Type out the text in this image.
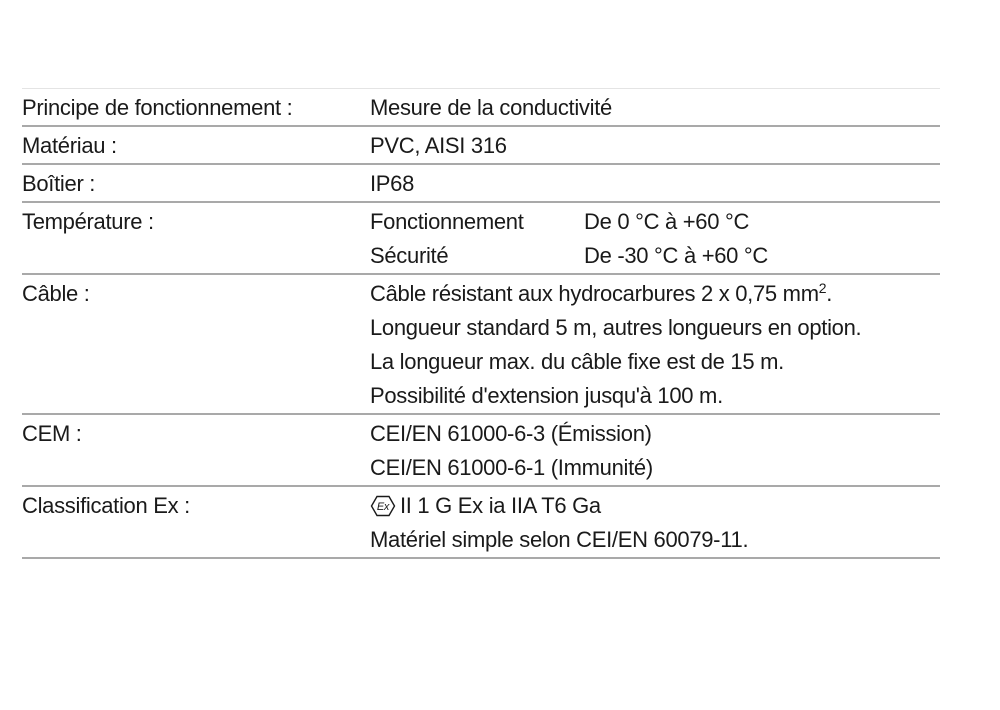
Principe de fonctionnement :	Mesure de la conductivité
Matériau :	PVC, AISI 316
Boîtier :	IP68
Température :	Fonctionnement	De 0 °C à +60 °C
Sécurité	De -30 °C à +60 °C
Câble :	Câble résistant aux hydrocarbures 2 x 0,75 $mm^2$.
Longueur standard 5 m, autres longueurs en option.
La longueur max. du câble fixe est de 15 m.
Possibilité d'extension jusqu'à 100 m.
CEM :	CEI/EN 61000-6-3 (Émission)
CEI/EN 61000-6-1 (Immunité)
Classification Ex :	Ex II 1 G Ex ia IIA T6 Ga
Matériel simple selon CEI/EN 60079-11.
